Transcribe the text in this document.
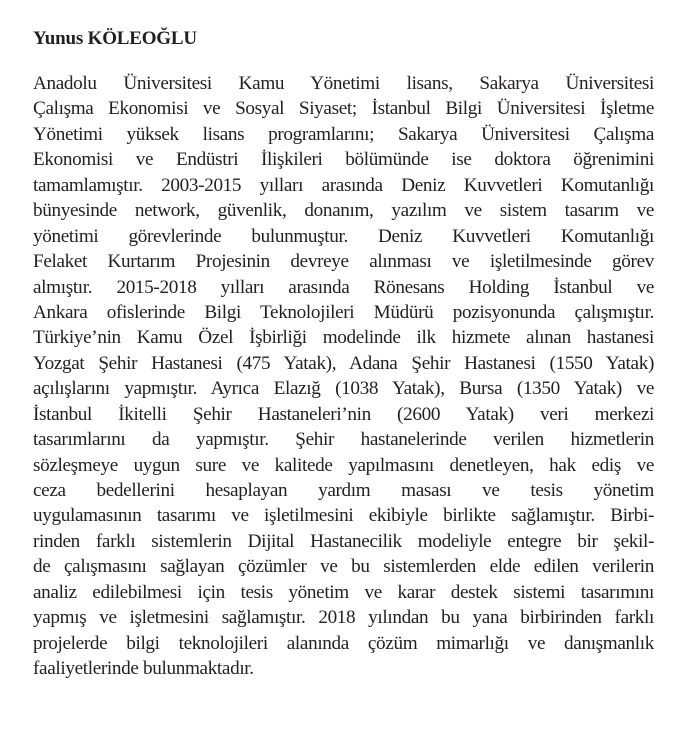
Yunus KÖLEOĞLU

Anadolu Üniversitesi Kamu Yönetimi lisans, Sakarya Üniversitesi
Çalışma Ekonomisi ve Sosyal Siyaset; İstanbul Bilgi Üniversitesi İşletme
Yönetimi yüksek lisans programlarını; Sakarya Üniversitesi Çalışma
Ekonomisi ve Endüstri İlişkileri bölümünde ise doktora öğrenimini
tamamlamıştır. 2003-2015 yılları arasında Deniz Kuvvetleri Komutanlığı
bünyesinde network, güvenlik, donanım, yazılım ve sistem tasarım ve
yönetimi görevlerinde bulunmuştur. Deniz Kuvvetleri Komutanlığı
Felaket Kurtarım Projesinin devreye alınması ve işletilmesinde görev
almıştır. 2015-2018 yılları arasında Rönesans Holding İstanbul ve
Ankara ofislerinde Bilgi Teknolojileri Müdürü pozisyonunda çalışmıştır.
Türkiye’nin Kamu Özel İşbirliği modelinde ilk hizmete alınan hastanesi
Yozgat Şehir Hastanesi (475 Yatak), Adana Şehir Hastanesi (1550 Yatak)
açılışlarını yapmıştır. Ayrıca Elazığ (1038 Yatak), Bursa (1350 Yatak) ve
İstanbul İkitelli Şehir Hastaneleri’nin (2600 Yatak) veri merkezi
tasarımlarını da yapmıştır. Şehir hastanelerinde verilen hizmetlerin
sözleşmeye uygun sure ve kalitede yapılmasını denetleyen, hak ediş ve
ceza bedellerini hesaplayan yardım masası ve tesis yönetim
uygulamasının tasarımı ve işletilmesini ekibiyle birlikte sağlamıştır. Birbi-
rinden farklı sistemlerin Dijital Hastanecilik modeliyle entegre bir şekil-
de çalışmasını sağlayan çözümler ve bu sistemlerden elde edilen verilerin
analiz edilebilmesi için tesis yönetim ve karar destek sistemi tasarımını
yapmış ve işletmesini sağlamıştır. 2018 yılından bu yana birbirinden farklı
projelerde bilgi teknolojileri alanında çözüm mimarlığı ve danışmanlık
faaliyetlerinde bulunmaktadır.
